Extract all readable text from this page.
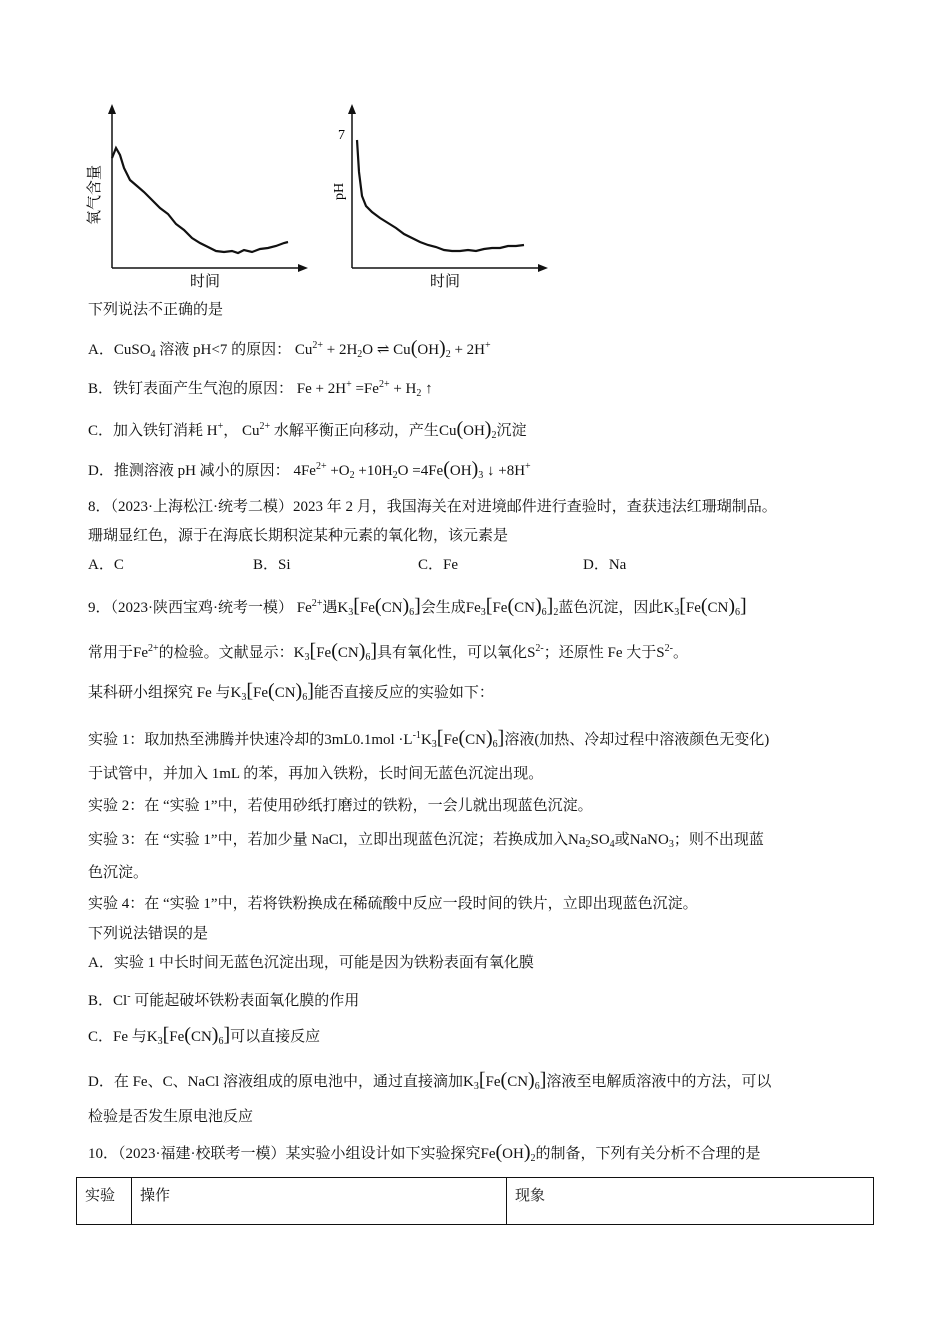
氧气含量
时间
7
pH
时间
下列说法不正确的是
A．CuSO$_4$ 溶液 pH<7 的原因： $Cu^{2+} + 2H_2O$ ⇌ $Cu(OH)_2 + 2H^+$
B．铁钉表面产生气泡的原因： $Fe + 2H^+ =Fe^{2+} + H_2$ ↑
C．加入铁钉消耗 H+， $Cu^{2+}$ 水解平衡正向移动，产生$Cu(OH)_2$沉淀
D．推测溶液 pH 减小的原因： $4Fe^{2+} +O_2 +10H_2O =4Fe(OH)_3$ ↓ +8H+
8．（2023·上海松江·统考二模）2023 年 2 月，我国海关在对进境邮件进行查验时，查获违法红珊瑚制品。
珊瑚显红色，源于在海底长期积淀某种元素的氧化物，该元素是
A．C	B．Si	C．Fe	D．Na
9．（2023·陕西宝鸡·统考一模） $Fe^{2+}$遇$K_3[Fe(CN)_6]$会生成$Fe_3[Fe(CN)_6]_2$蓝色沉淀，因此$K_3[Fe(CN)_6]$
常用于$Fe^{2+}$的检验。文献显示：$K_3[Fe(CN)_6]$具有氧化性，可以氧化$S^{2-}$；还原性 Fe 大于$S^{2-}$。
某科研小组探究 Fe 与$K_3[Fe(CN)_6]$能否直接反应的实验如下：
实验 1：取加热至沸腾并快速冷却的$3mL0.1mol \cdot L^{-1}K_3[Fe(CN)_6]$溶液(加热、冷却过程中溶液颜色无变化)
于试管中，并加入 1mL 的苯，再加入铁粉，长时间无蓝色沉淀出现。
实验 2：在 “实验 1”中，若使用砂纸打磨过的铁粉，一会儿就出现蓝色沉淀。
实验 3：在 “实验 1”中，若加少量 NaCl，立即出现蓝色沉淀；若换成加入$Na_2SO_4$或NaNO$_3$；则不出现蓝
色沉淀。
实验 4：在 “实验 1”中，若将铁粉换成在稀硫酸中反应一段时间的铁片，立即出现蓝色沉淀。
下列说法错误的是
A．实验 1 中长时间无蓝色沉淀出现，可能是因为铁粉表面有氧化膜
B．Cl- 可能起破坏铁粉表面氧化膜的作用
C．Fe 与$K_3[Fe(CN)_6]$可以直接反应
D．在 Fe、C、NaCl 溶液组成的原电池中，通过直接滴加$K_3[Fe(CN)_6]$溶液至电解质溶液中的方法，可以
检验是否发生原电池反应
10．（2023·福建·校联考一模）某实验小组设计如下实验探究$Fe(OH)_2$的制备，下列有关分析不合理的是
实验	操作	现象
